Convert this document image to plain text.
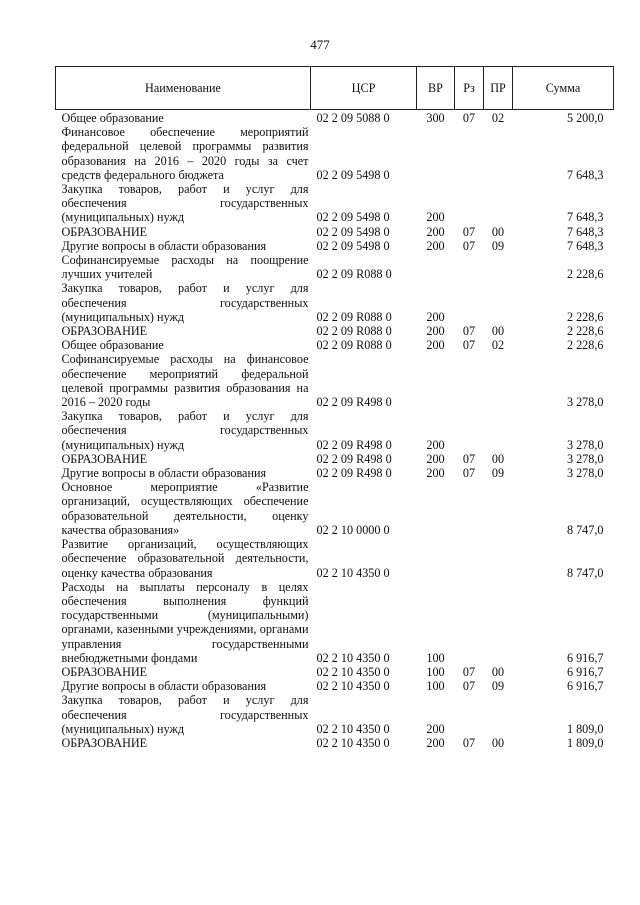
477
Наименование	ЦСР	ВР	Рз	ПР	Сумма
Общее образование	02 2 09 5088 0	300	07	02	5 200,0
Финансовое обеспечение мероприятий федеральной целевой программы развития образования на 2016 – 2020 годы за счет средств федерального бюджета	02 2 09 5498 0				7 648,3
Закупка товаров, работ и услуг для обеспечения государственных (муниципальных) нужд	02 2 09 5498 0	200			7 648,3
ОБРАЗОВАНИЕ	02 2 09 5498 0	200	07	00	7 648,3
Другие вопросы в области образования	02 2 09 5498 0	200	07	09	7 648,3
Софинансируемые расходы на поощрение лучших учителей	02 2 09 R088 0				2 228,6
Закупка товаров, работ и услуг для обеспечения государственных (муниципальных) нужд	02 2 09 R088 0	200			2 228,6
ОБРАЗОВАНИЕ	02 2 09 R088 0	200	07	00	2 228,6
Общее образование	02 2 09 R088 0	200	07	02	2 228,6
Софинансируемые расходы на финансовое обеспечение мероприятий федеральной целевой программы развития образования на 2016 – 2020 годы	02 2 09 R498 0				3 278,0
Закупка товаров, работ и услуг для обеспечения государственных (муниципальных) нужд	02 2 09 R498 0	200			3 278,0
ОБРАЗОВАНИЕ	02 2 09 R498 0	200	07	00	3 278,0
Другие вопросы в области образования	02 2 09 R498 0	200	07	09	3 278,0
Основное мероприятие «Развитие организаций, осуществляющих обеспечение образовательной деятельности, оценку качества образования»	02 2 10 0000 0				8 747,0
Развитие организаций, осуществляющих обеспечение образовательной деятельности, оценку качества образования	02 2 10 4350 0				8 747,0
Расходы на выплаты персоналу в целях обеспечения выполнения функций государственными (муниципальными) органами, казенными учреждениями, органами управления государственными внебюджетными фондами	02 2 10 4350 0	100			6 916,7
ОБРАЗОВАНИЕ	02 2 10 4350 0	100	07	00	6 916,7
Другие вопросы в области образования	02 2 10 4350 0	100	07	09	6 916,7
Закупка товаров, работ и услуг для обеспечения государственных (муниципальных) нужд	02 2 10 4350 0	200			1 809,0
ОБРАЗОВАНИЕ	02 2 10 4350 0	200	07	00	1 809,0
